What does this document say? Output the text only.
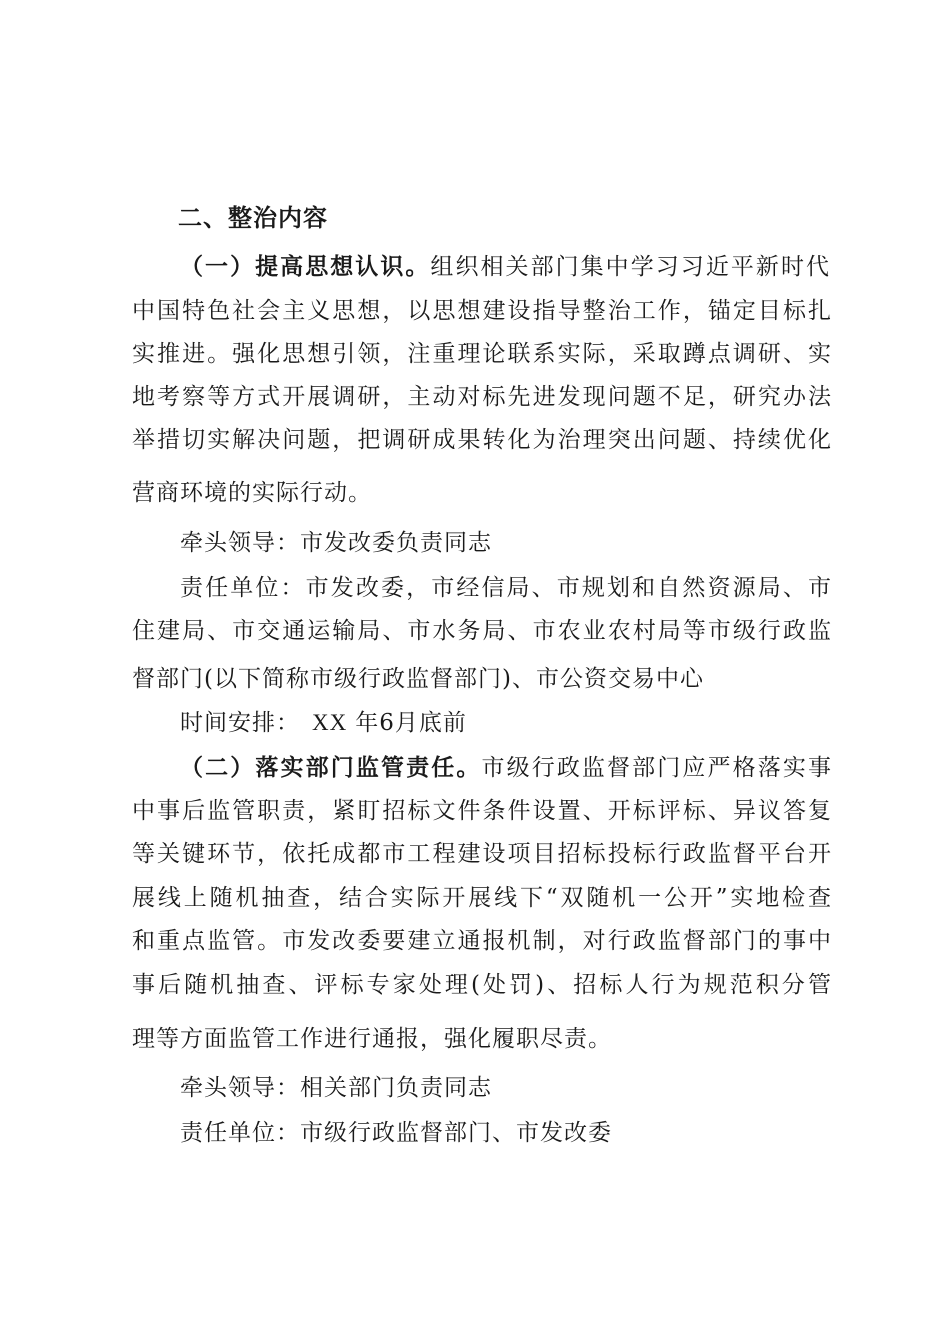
二、整治内容
（一）提高思想认识。组织相关部门集中学习习近平新时代
中国特色社会主义思想，以思想建设指导整治工作，锚定目标扎
实推进。强化思想引领，注重理论联系实际，采取蹲点调研、实
地考察等方式开展调研，主动对标先进发现问题不足，研究办法
举措切实解决问题，把调研成果转化为治理突出问题、持续优化
营商环境的实际行动。
牵头领导：市发改委负责同志
责任单位：市发改委，市经信局、市规划和自然资源局、市
住建局、市交通运输局、市水务局、市农业农村局等市级行政监
督部门(以下简称市级行政监督部门)、市公资交易中心
时间安排： XX 年6月底前
（二）落实部门监管责任。市级行政监督部门应严格落实事
中事后监管职责，紧盯招标文件条件设置、开标评标、异议答复
等关键环节，依托成都市工程建设项目招标投标行政监督平台开
展线上随机抽查，结合实际开展线下“双随机一公开”实地检查
和重点监管。市发改委要建立通报机制，对行政监督部门的事中
事后随机抽查、评标专家处理(处罚)、招标人行为规范积分管
理等方面监管工作进行通报，强化履职尽责。
牵头领导：相关部门负责同志
责任单位：市级行政监督部门、市发改委
